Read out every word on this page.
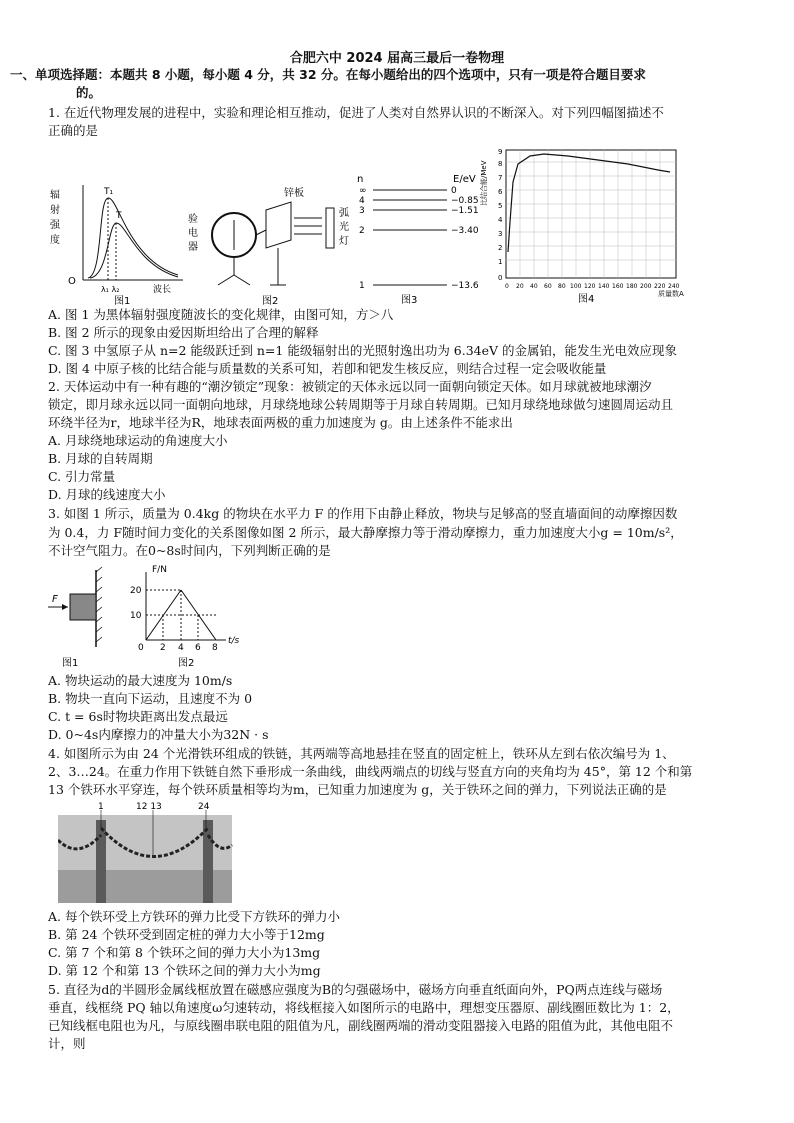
合肥六中 2024 届高三最后一卷物理
一、单项选择题：本题共 8 小题，每小题 4 分，共 32 分。在每小题给出的四个选项中，只有一项是符合题目要求
的。
1. 在近代物理发展的进程中，实验和理论相互推动，促进了人类对自然界认识的不断深入。对下列四幅图描述不
正确的是
辐
射
强
度
T₁
T
O
λ₁ λ₂	波长
图1
验
电
器
锌板
弧
光
灯
图2
E/eV
n
∞	0
4	−0.85
3	−1.51
2	−3.40
1	−13.6
图3
比结合能/MeV
9
8
7
6
5
4
3
2
1
0
0 20 40 60 80 100 120 140 160 180 200 220 240
质量数A
图4
A. 图 1 为黑体辐射强度随波长的变化规律，由图可知，方＞八
B. 图 2 所示的现象由爱因斯坦给出了合理的解释
C. 图 3 中氢原子从 n=2 能级跃迁到 n=1 能级辐射出的光照射逸出功为 6.34eV 的金属铂，能发生光电效应现象
D. 图 4 中原子核的比结合能与质量数的关系可知，若卽和钯发生核反应，则结合过程一定会吸收能量
2. 天体运动中有一种有趣的“潮汐锁定”现象：被锁定的天体永远以同一面朝向锁定天体。如月球就被地球潮汐
锁定，即月球永远以同一面朝向地球，月球绕地球公转周期等于月球自转周期。已知月球绕地球做匀速圆周运动且
环绕半径为r，地球半径为R，地球表面两极的重力加速度为 g。由上述条件不能求出
A. 月球绕地球运动的角速度大小
B. 月球的自转周期
C. 引力常量
D. 月球的线速度大小
3. 如图 1 所示，质量为 0.4kg 的物块在水平力 F 的作用下由静止释放，物块与足够高的竖直墙面间的动摩擦因数
为 0.4，力 F随时间力变化的关系图像如图 2 所示，最大静摩擦力等于滑动摩擦力，重力加速度大小g = 10m/s²，
不计空气阻力。在0~8s时间内，下列判断正确的是
F
图1
F/N
20
10
0 2 4 6 8
t/s
图2
A. 物块运动的最大速度为 10m/s
B. 物块一直向下运动，且速度不为 0
C. t = 6s时物块距离出发点最远
D. 0~4s内摩擦力的冲量大小为32N · s
4. 如图所示为由 24 个光滑铁环组成的铁链，其两端等高地悬挂在竖直的固定桩上，铁环从左到右依次编号为 1、
2、3…24。在重力作用下铁链自然下垂形成一条曲线，曲线两端点的切线与竖直方向的夹角均为 45°，第 12 个和第
13 个铁环水平穿连，每个铁环质量相等均为m，已知重力加速度为 g，关于铁环之间的弹力，下列说法正确的是
1	12 13	24
A. 每个铁环受上方铁环的弹力比受下方铁环的弹力小
B. 第 24 个铁环受到固定桩的弹力大小等于12mg
C. 第 7 个和第 8 个铁环之间的弹力大小为13mg
D. 第 12 个和第 13 个铁环之间的弹力大小为mg
5. 直径为d的半圆形金属线框放置在磁感应强度为B的匀强磁场中，磁场方向垂直纸面向外，PQ两点连线与磁场
垂直，线框绕 PQ 轴以角速度ω匀速转动，将线框接入如图所示的电路中，理想变压器原、副线圈匝数比为 1：2，
已知线框电阻也为凡，与原线圈串联电阻的阻值为凡，副线圈两端的滑动变阻器接入电路的阻值为此，其他电阻不
计，则
